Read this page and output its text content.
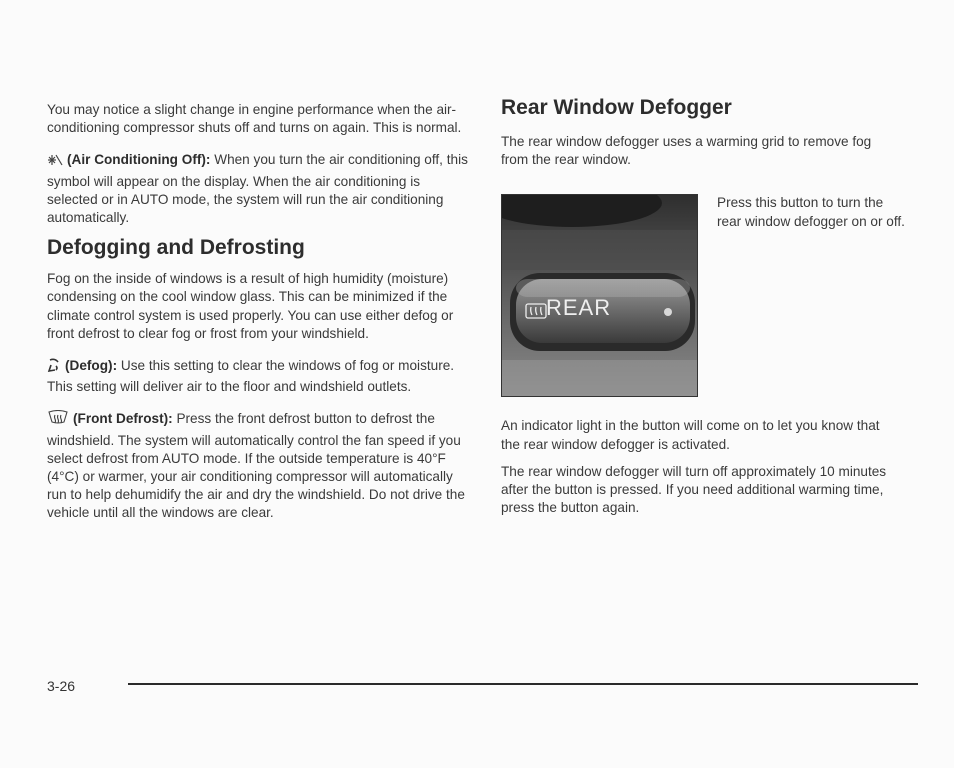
You may notice a slight change in engine performance when the air-conditioning compressor shuts off and turns on again. This is normal.

(Air Conditioning Off): When you turn the air conditioning off, this symbol will appear on the display. When the air conditioning is selected or in AUTO mode, the system will run the air conditioning automatically.

Defogging and Defrosting

Fog on the inside of windows is a result of high humidity (moisture) condensing on the cool window glass. This can be minimized if the climate control system is used properly. You can use either defog or front defrost to clear fog or frost from your windshield.

(Defog): Use this setting to clear the windows of fog or moisture. This setting will deliver air to the floor and windshield outlets.

(Front Defrost): Press the front defrost button to defrost the windshield. The system will automatically control the fan speed if you select defrost from AUTO mode. If the outside temperature is 40°F (4°C) or warmer, your air conditioning compressor will automatically run to help dehumidify the air and dry the windshield. Do not drive the vehicle until all the windows are clear.

Rear Window Defogger

The rear window defogger uses a warming grid to remove fog from the rear window.

REAR

Press this button to turn the rear window defogger on or off.

An indicator light in the button will come on to let you know that the rear window defogger is activated.

The rear window defogger will turn off approximately 10 minutes after the button is pressed. If you need additional warming time, press the button again.

3-26
